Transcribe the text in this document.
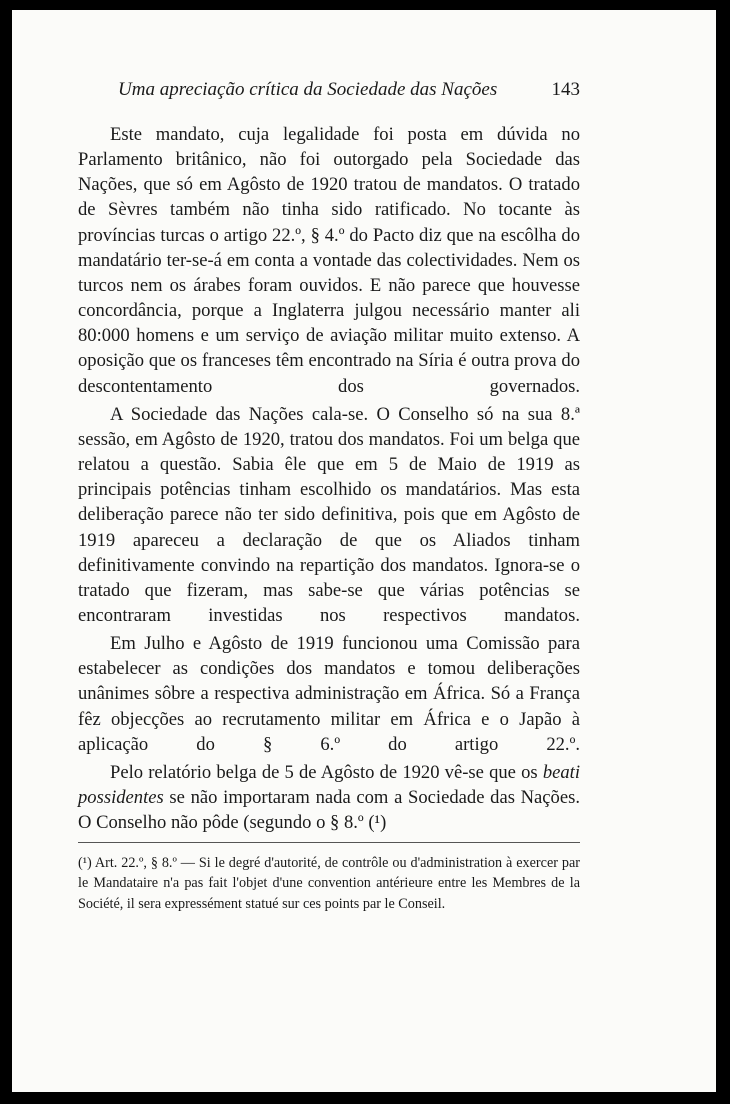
Uma apreciação crítica da Sociedade das Nações	143

Este mandato, cuja legalidade foi posta em dúvida no Parlamento britânico, não foi outorgado pela Sociedade das Nações, que só em Agôsto de 1920 tratou de mandatos. O tratado de Sèvres também não tinha sido ratificado. No tocante às províncias turcas o artigo 22.º, § 4.º do Pacto diz que na escôlha do mandatário ter-se-á em conta a vontade das colectividades. Nem os turcos nem os árabes foram ouvidos. E não parece que houvesse concordância, porque a Inglaterra julgou necessário manter ali 80:000 homens e um serviço de aviação militar muito extenso. A oposição que os franceses têm encontrado na Síria é outra prova do descontentamento dos governados.

A Sociedade das Nações cala-se. O Conselho só na sua 8.ª sessão, em Agôsto de 1920, tratou dos mandatos. Foi um belga que relatou a questão. Sabia êle que em 5 de Maio de 1919 as principais potências tinham escolhido os mandatários. Mas esta deliberação parece não ter sido definitiva, pois que em Agôsto de 1919 apareceu a declaração de que os Aliados tinham definitivamente convindo na repartição dos mandatos. Ignora-se o tratado que fizeram, mas sabe-se que várias potências se encontraram investidas nos respectivos mandatos.

Em Julho e Agôsto de 1919 funcionou uma Comissão para estabelecer as condições dos mandatos e tomou deliberações unânimes sôbre a respectiva administração em África. Só a França fêz objecções ao recrutamento militar em África e o Japão à aplicação do § 6.º do artigo 22.º.

Pelo relatório belga de 5 de Agôsto de 1920 vê-se que os beati possidentes se não importaram nada com a Sociedade das Nações. O Conselho não pôde (segundo o § 8.º (¹)

(¹) Art. 22.º, § 8.º — Si le degré d'autorité, de contrôle ou d'administration à exercer par le Mandataire n'a pas fait l'objet d'une convention antérieure entre les Membres de la Société, il sera expressément statué sur ces points par le Conseil.
